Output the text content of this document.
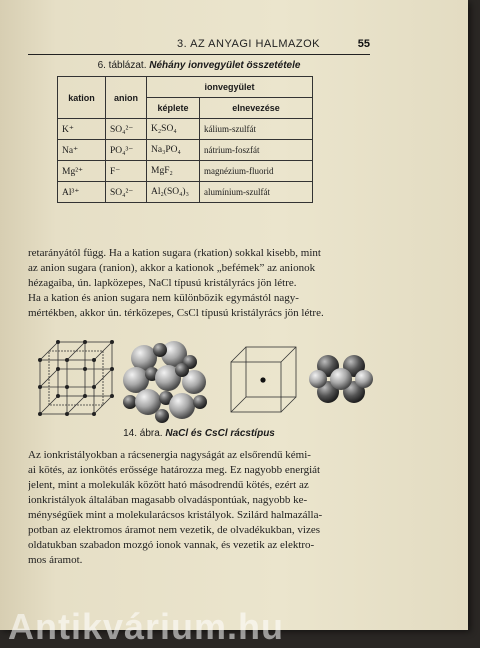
3. AZ ANYAGI HALMAZOK	55
6. táblázat. Néhány ionvegyület összetétele
kation	anion	ionvegyület	
		képlete	elnevezése
K⁺	SO₄²⁻	K₂SO₄	kálium-szulfát
Na⁺	PO₄³⁻	Na₃PO₄	nátrium-foszfát
Mg²⁺	F⁻	MgF₂	magnézium-fluorid
Al³⁺	SO₄²⁻	Al₂(SO₄)₃	alumínium-szulfát
retarányától függ. Ha a kation sugara (rkation) sokkal kisebb, mint
az anion sugara (ranion), akkor a kationok „befémek” az anionok
hézagaiba, ún. lapközepes, NaCl típusú kristályrács jön létre.
Ha a kation és anion sugara nem különbözik egymástól nagy-
mértékben, akkor ún. térközepes, CsCl típusú kristályrács jön létre.
14. ábra. NaCl és CsCl rácstípus
Az ionkristályokban a rácsenergia nagyságát az elsőrendű kémi-
ai kötés, az ionkötés erőssége határozza meg. Ez nagyobb energiát
jelent, mint a molekulák között ható másodrendű kötés, ezért az
ionkristályok általában magasabb olvadáspontúak, nagyobb ke-
ménységűek mint a molekularácsos kristályok. Szilárd halmazálla-
potban az elektromos áramot nem vezetik, de olvadékukban, vizes
oldatukban szabadon mozgó ionok vannak, és vezetik az elektro-
mos áramot.
Antikvárium.hu
